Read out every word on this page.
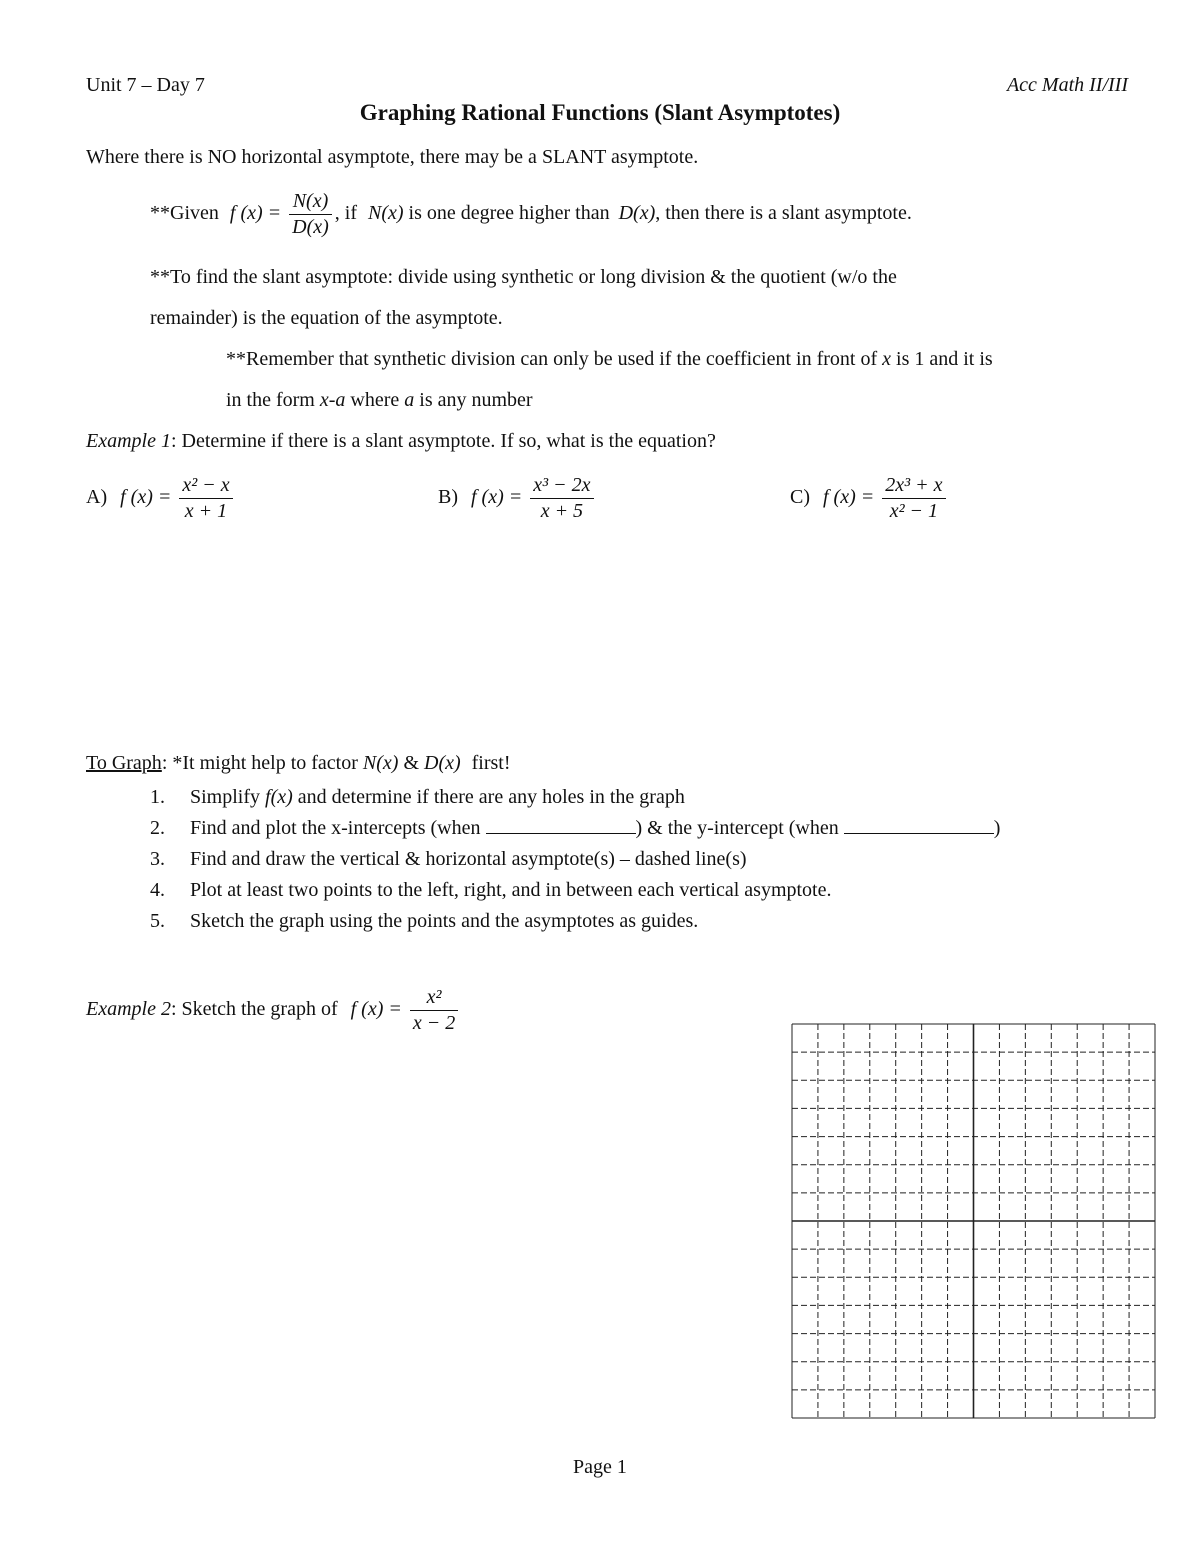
Unit 7 – Day 7	Acc Math II/III
Graphing Rational Functions (Slant Asymptotes)
Where there is NO horizontal asymptote, there may be a SLANT asymptote.
**Given f $(x) = \frac{N(x)}{D(x)}$ , if N(x) is one degree higher than D(x), then there is a slant asymptote.
**To find the slant asymptote: divide using synthetic or long division & the quotient (w/o the
remainder) is the equation of the asymptote.
**Remember that synthetic division can only be used if the coefficient in front of x is 1 and it is
in the form x-a where a is any number
Example 1: Determine if there is a slant asymptote. If so, what is the equation?
A) f $(x) = \frac{\text{x² − x}}{x + 1}$	B) f $(x) = \frac{\text{x³ − 2x}}{x + 5}$	C) f $(x) = \frac{\text{2x³ + x}}{\text{x² − 1}}$
To Graph: *It might help to factor N(x) & D(x) first!
1. Simplify f(x) and determine if there are any holes in the graph
2. Find and plot the x-intercepts (when	) & the y-intercept (when	)
3. Find and draw the vertical & horizontal asymptote(s) – dashed line(s)
4. Plot at least two points to the left, right, and in between each vertical asymptote.
5. Sketch the graph using the points and the asymptotes as guides.
Example 2: Sketch the graph of f $(x) = \frac{\text{x²}}{x - 2}$
Page 1
